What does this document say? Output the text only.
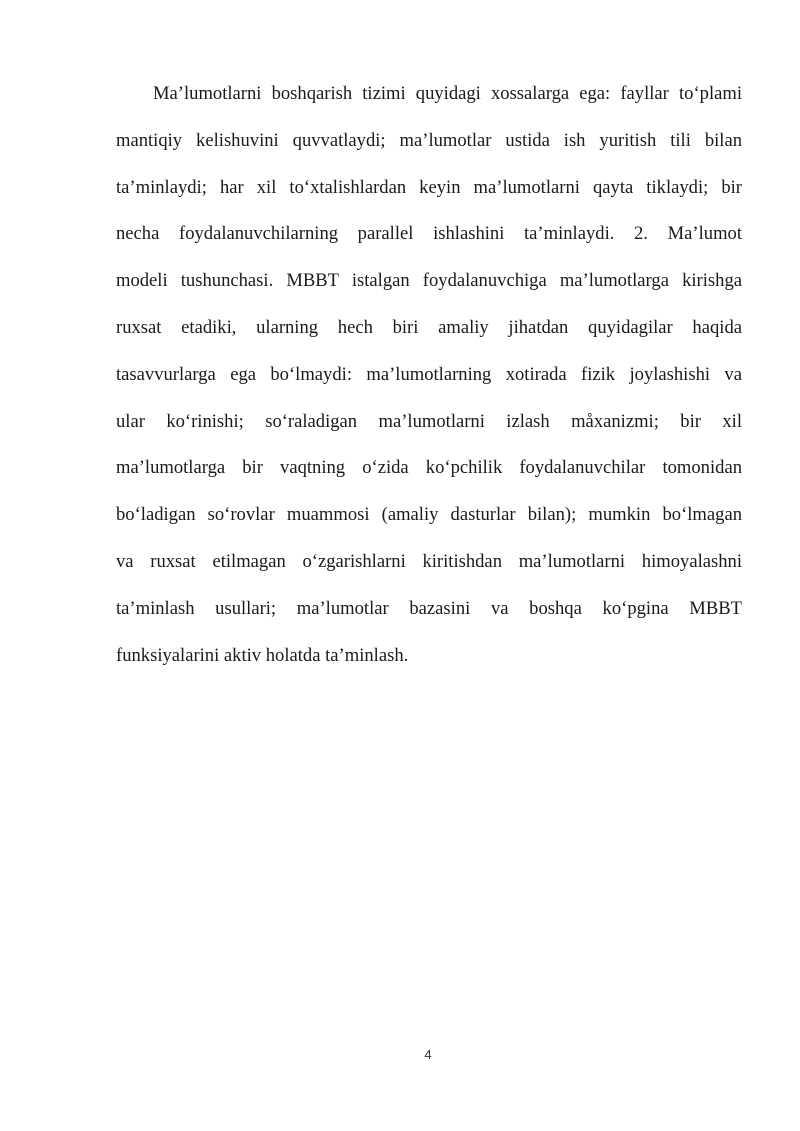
Ma’lumotlarni boshqarish tizimi quyidagi xossalarga ega: fayllar to‘plami
mantiqiy kelishuvini quvvatlaydi; ma’lumotlar ustida ish yuritish tili bilan
ta’minlaydi; har xil to‘xtalishlardan keyin ma’lumotlarni qayta tiklaydi; bir
necha foydalanuvchilarning parallel ishlashini ta’minlaydi. 2. Ma’lumot
modeli tushunchasi. MBBT istalgan foydalanuvchiga ma’lumotlarga kirishga
ruxsat etadiki, ularning hech biri amaliy jihatdan quyidagilar haqida
tasavvurlarga ega bo‘lmaydi: ma’lumotlarning xotirada fizik joylashishi va
ular ko‘rinishi; so‘raladigan ma’lumotlarni izlash måxanizmi; bir xil
ma’lumotlarga bir vaqtning o‘zida ko‘pchilik foydalanuvchilar tomonidan
bo‘ladigan so‘rovlar muammosi (amaliy dasturlar bilan); mumkin bo‘lmagan
va ruxsat etilmagan o‘zgarishlarni kiritishdan ma’lumotlarni himoyalashni
ta’minlash usullari; ma’lumotlar bazasini va boshqa ko‘pgina MBBT
funksiyalarini aktiv holatda ta’minlash.

4
